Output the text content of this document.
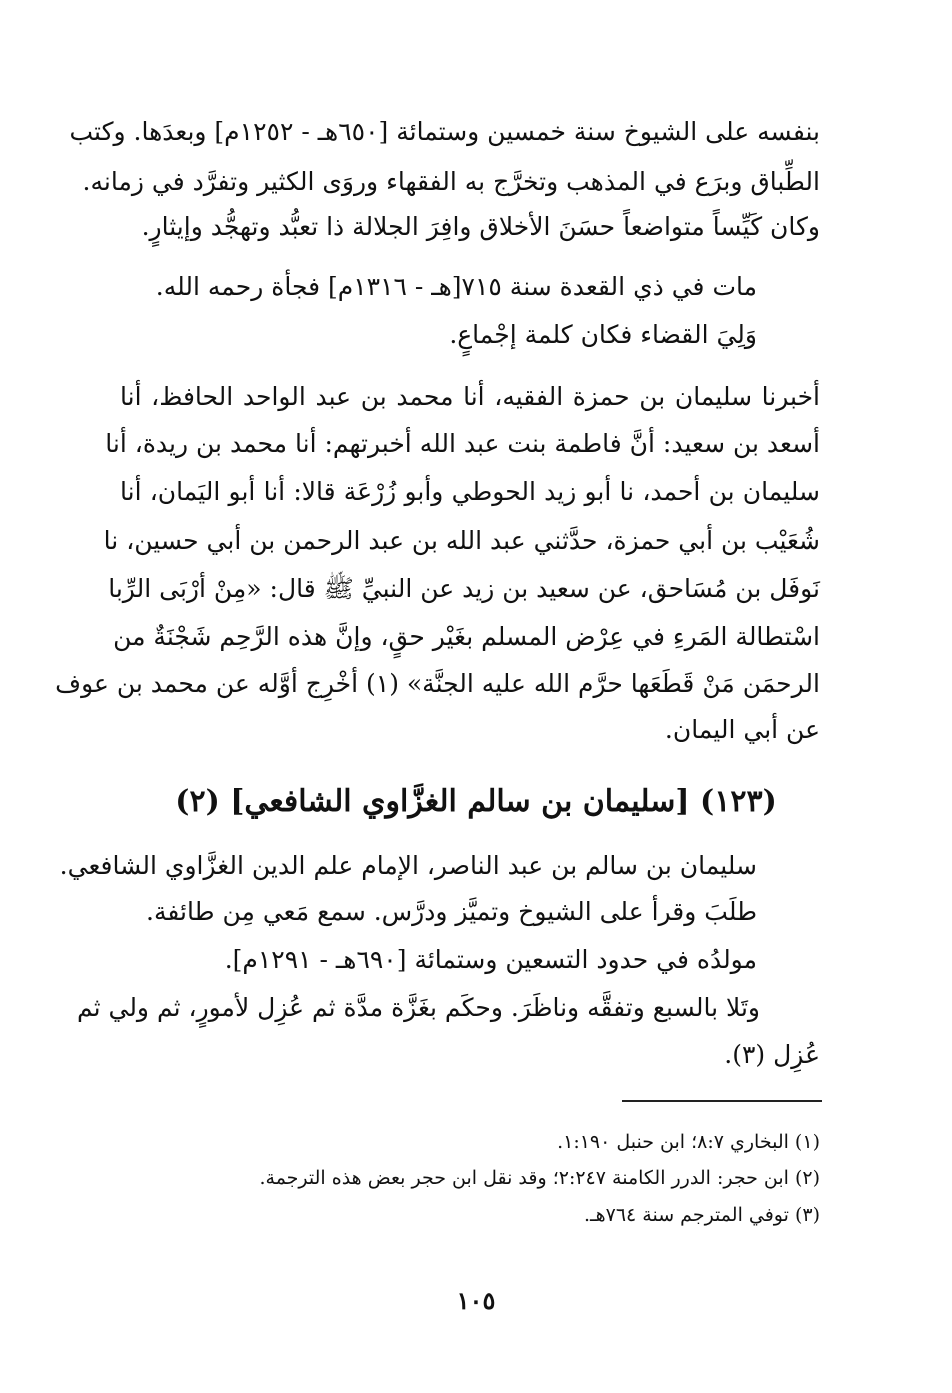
بنفسه على الشيوخ سنة خمسين وستمائة [٦٥٠هـ - ١٢٥٢م] وبعدَها. وكتب
الطِّباق وبرَع في المذهب وتخرَّج به الفقهاء وروَى الكثير وتفرَّد في زمانه.
وكان كَيِّساً متواضعاً حسَنَ الأخلاق وافِرَ الجلالة ذا تعبُّد وتهجُّد وإيثارٍ.
مات في ذي القعدة سنة ٧١٥[هـ - ١٣١٦م] فجأة رحمه الله.
وَلِيَ القضاء فكان كلمة إجْماعٍ.
أخبرنا سليمان بن حمزة الفقيه، أنا محمد بن عبد الواحد الحافظ، أنا
أسعد بن سعيد: أنَّ فاطمة بنت عبد الله أخبرتهم: أنا محمد بن ريدة، أنا
سليمان بن أحمد، نا أبو زيد الحوطي وأبو زُرْعَة قالا: أنا أبو اليَمان، أنا
شُعَيْب بن أبي حمزة، حدَّثني عبد الله بن عبد الرحمن بن أبي حسين، نا
نَوفَل بن مُسَاحق، عن سعيد بن زيد عن النبيِّ ﷺ قال: «مِنْ أرْبَى الرِّبا
اسْتطالة المَرءِ في عِرْض المسلم بغَيْر حقٍ، وإنَّ هذه الرَّحِم شَجْنَةٌ من
الرحمَن مَنْ قَطَعَها حرَّم الله عليه الجنَّة» (١) أخْرِج أوَّله عن محمد بن عوف
عن أبي اليمان.
(١٢٣) [سليمان بن سالم الغزَّاوي الشافعي] (٢)
سليمان بن سالم بن عبد الناصر، الإمام علم الدين الغزَّاوي الشافعي.
طلَبَ وقرأ على الشيوخ وتميَّز ودرَّس. سمع مَعي مِن طائفة.
مولدُه في حدود التسعين وستمائة [٦٩٠هـ - ١٢٩١م].
وتَلا بالسبع وتفقَّه وناظَرَ. وحكَم بغَزَّة مدَّة ثم عُزِل لأمورٍ، ثم ولي ثم
عُزِل (٣).
(١) البخاري ٨:٧؛ ابن حنبل ١:١٩٠.
(٢) ابن حجر: الدرر الكامنة ٢:٢٤٧؛ وقد نقل ابن حجر بعض هذه الترجمة.
(٣) توفي المترجم سنة ٧٦٤هـ.
١٠٥
